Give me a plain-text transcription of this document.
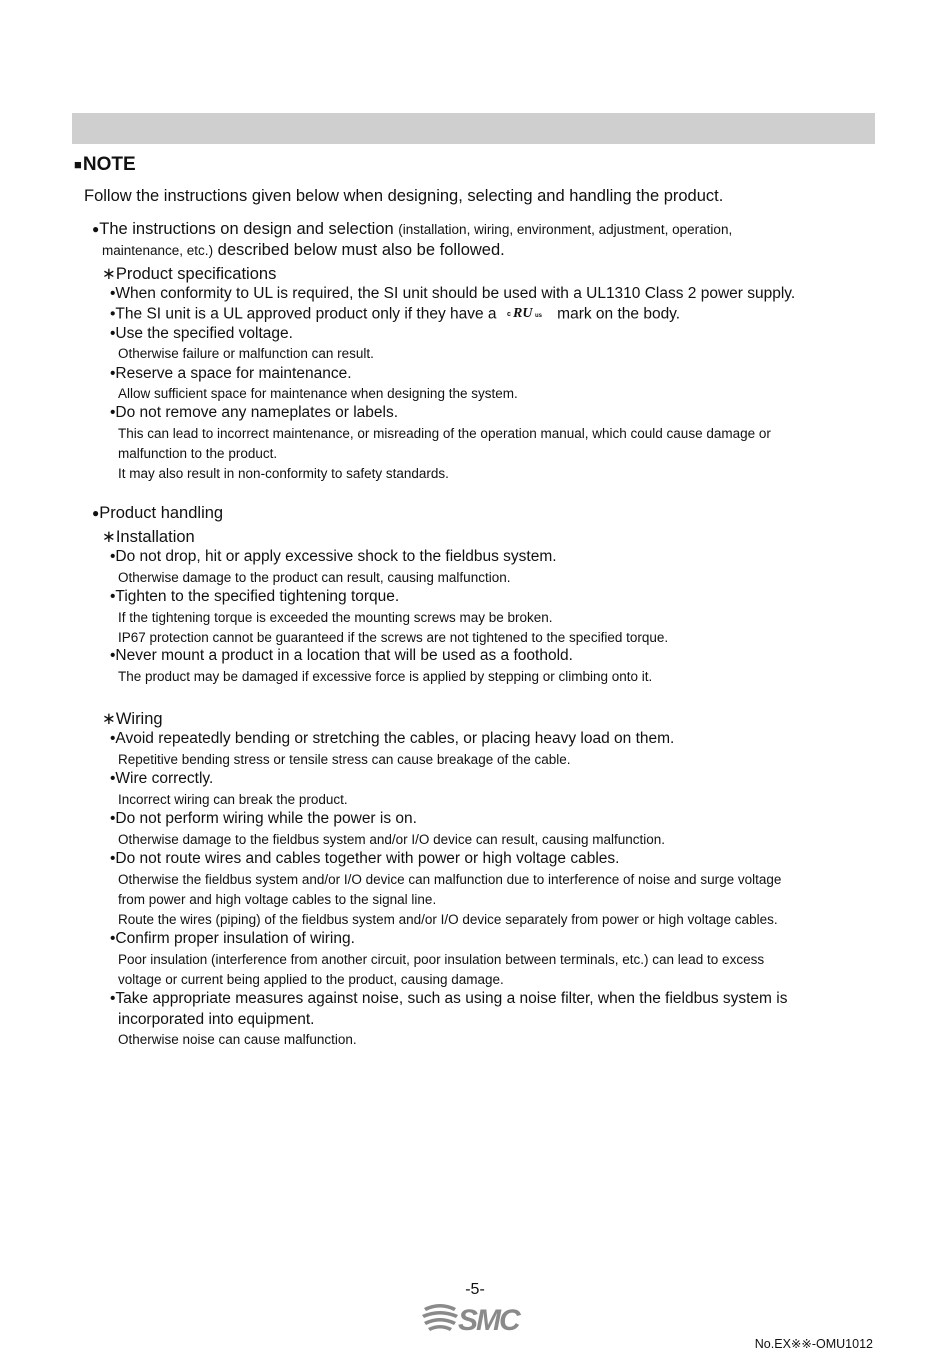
■NOTE
Follow the instructions given below when designing, selecting and handling the product.
●The instructions on design and selection (installation, wiring, environment, adjustment, operation,
maintenance, etc.) described below must also be followed.
∗Product specifications
•When conformity to UL is required, the SI unit should be used with a UL1310 Class 2 power supply.
•The SI unit is a UL approved product only if they have a c RU us mark on the body.
•Use the specified voltage.
Otherwise failure or malfunction can result.
•Reserve a space for maintenance.
Allow sufficient space for maintenance when designing the system.
•Do not remove any nameplates or labels.
This can lead to incorrect maintenance, or misreading of the operation manual, which could cause damage or
malfunction to the product.
It may also result in non-conformity to safety standards.
●Product handling
∗Installation
•Do not drop, hit or apply excessive shock to the fieldbus system.
Otherwise damage to the product can result, causing malfunction.
•Tighten to the specified tightening torque.
If the tightening torque is exceeded the mounting screws may be broken.
IP67 protection cannot be guaranteed if the screws are not tightened to the specified torque.
•Never mount a product in a location that will be used as a foothold.
The product may be damaged if excessive force is applied by stepping or climbing onto it.
∗Wiring
•Avoid repeatedly bending or stretching the cables, or placing heavy load on them.
Repetitive bending stress or tensile stress can cause breakage of the cable.
•Wire correctly.
Incorrect wiring can break the product.
•Do not perform wiring while the power is on.
Otherwise damage to the fieldbus system and/or I/O device can result, causing malfunction.
•Do not route wires and cables together with power or high voltage cables.
Otherwise the fieldbus system and/or I/O device can malfunction due to interference of noise and surge voltage
from power and high voltage cables to the signal line.
Route the wires (piping) of the fieldbus system and/or I/O device separately from power or high voltage cables.
•Confirm proper insulation of wiring.
Poor insulation (interference from another circuit, poor insulation between terminals, etc.) can lead to excess
voltage or current being applied to the product, causing damage.
•Take appropriate measures against noise, such as using a noise filter, when the fieldbus system is
incorporated into equipment.
Otherwise noise can cause malfunction.
-5-
SMC
No.EX※※-OMU1012
